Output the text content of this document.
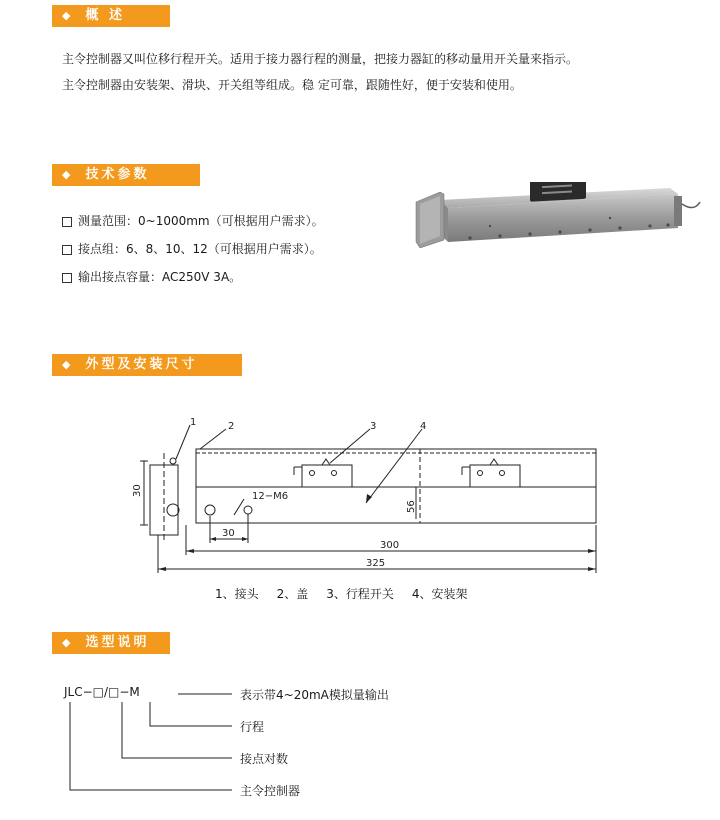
◆ 概 述
主令控制器又叫位移行程开关。适用于接力器行程的测量，把接力器缸的移动量用开关量来指示。
主令控制器由安装架、滑块、开关组等组成。稳 定可靠，跟随性好，便于安装和使用。
◆ 技术参数
测量范围：0~1000mm（可根据用户需求）。
接点组：6、8、10、12（可根据用户需求）。
输出接点容量：AC250V 3A。
◆ 外型及安装尺寸
1	2	3	4
30
56
12−M6
30
300
325
1、接头 2、盖 3、行程开关 4、安装架
◆ 选型说明
JLC−□/□−M	表示带4~20mA模拟量输出
行程
接点对数
主令控制器
